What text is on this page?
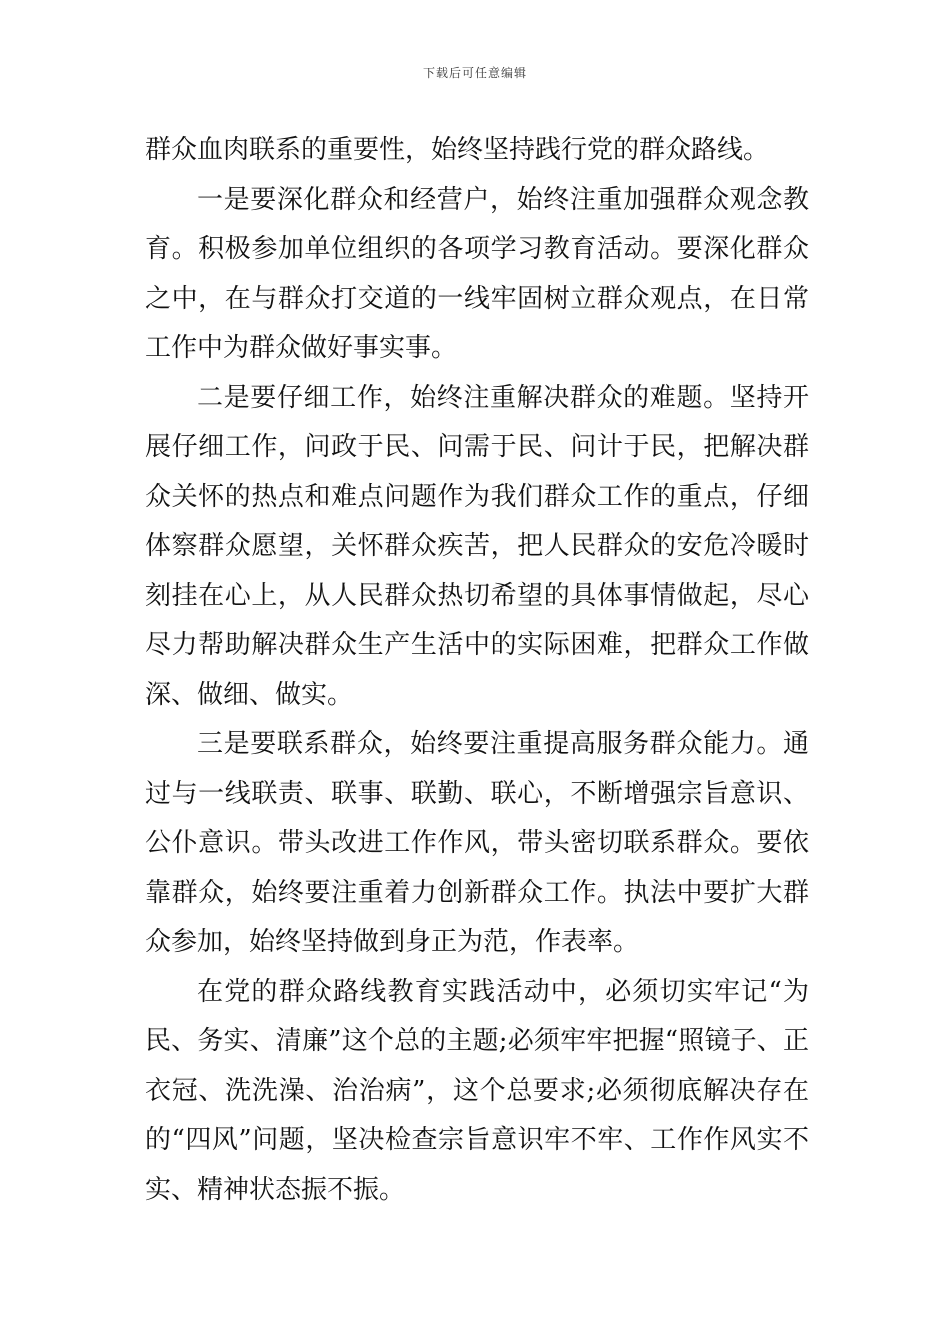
下载后可任意编辑

群众血肉联系的重要性，始终坚持践行党的群众路线。

一是要深化群众和经营户，始终注重加强群众观念教育。积极参加单位组织的各项学习教育活动。要深化群众之中，在与群众打交道的一线牢固树立群众观点，在日常工作中为群众做好事实事。

二是要仔细工作，始终注重解决群众的难题。坚持开展仔细工作，问政于民、问需于民、问计于民，把解决群众关怀的热点和难点问题作为我们群众工作的重点，仔细体察群众愿望，关怀群众疾苦，把人民群众的安危冷暖时刻挂在心上，从人民群众热切希望的具体事情做起，尽心尽力帮助解决群众生产生活中的实际困难，把群众工作做深、做细、做实。

三是要联系群众，始终要注重提高服务群众能力。通过与一线联责、联事、联勤、联心，不断增强宗旨意识、公仆意识。带头改进工作作风，带头密切联系群众。要依靠群众，始终要注重着力创新群众工作。执法中要扩大群众参加，始终坚持做到身正为范，作表率。

在党的群众路线教育实践活动中，必须切实牢记“为民、务实、清廉”这个总的主题;必须牢牢把握“照镜子、正衣冠、洗洗澡、治治病”，这个总要求;必须彻底解决存在的“四风”问题，坚决检查宗旨意识牢不牢、工作作风实不实、精神状态振不振。
